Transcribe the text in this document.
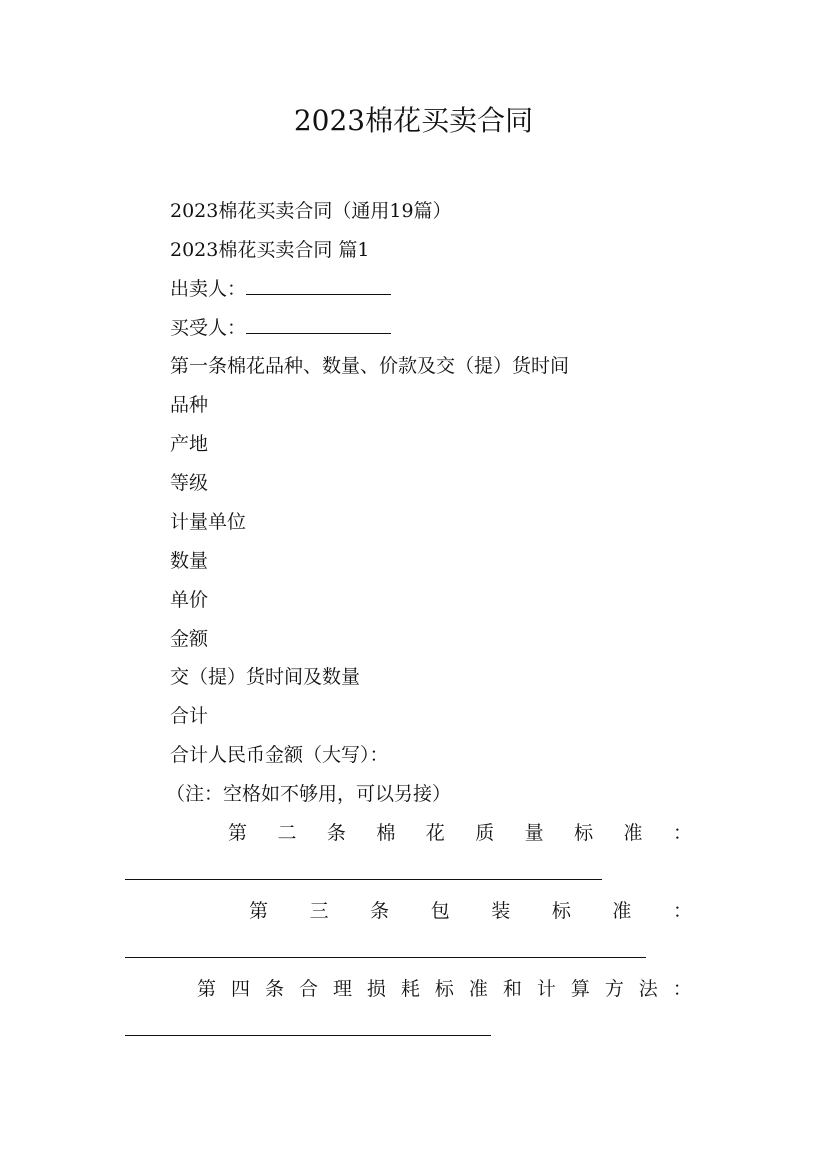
2023棉花买卖合同
2023棉花买卖合同（通用19篇）
2023棉花买卖合同 篇1
出卖人：
买受人：
第一条棉花品种、数量、价款及交（提）货时间
品种
产地
等级
计量单位
数量
单价
金额
交（提）货时间及数量
合计
合计人民币金额（大写）：
（注：空格如不够用，可以另接）
第 二 条 棉 花 质 量 标 准 ：
第 三 条 包 装 标 准 ：
第 四 条 合 理 损 耗 标 准 和 计 算 方 法 ：
